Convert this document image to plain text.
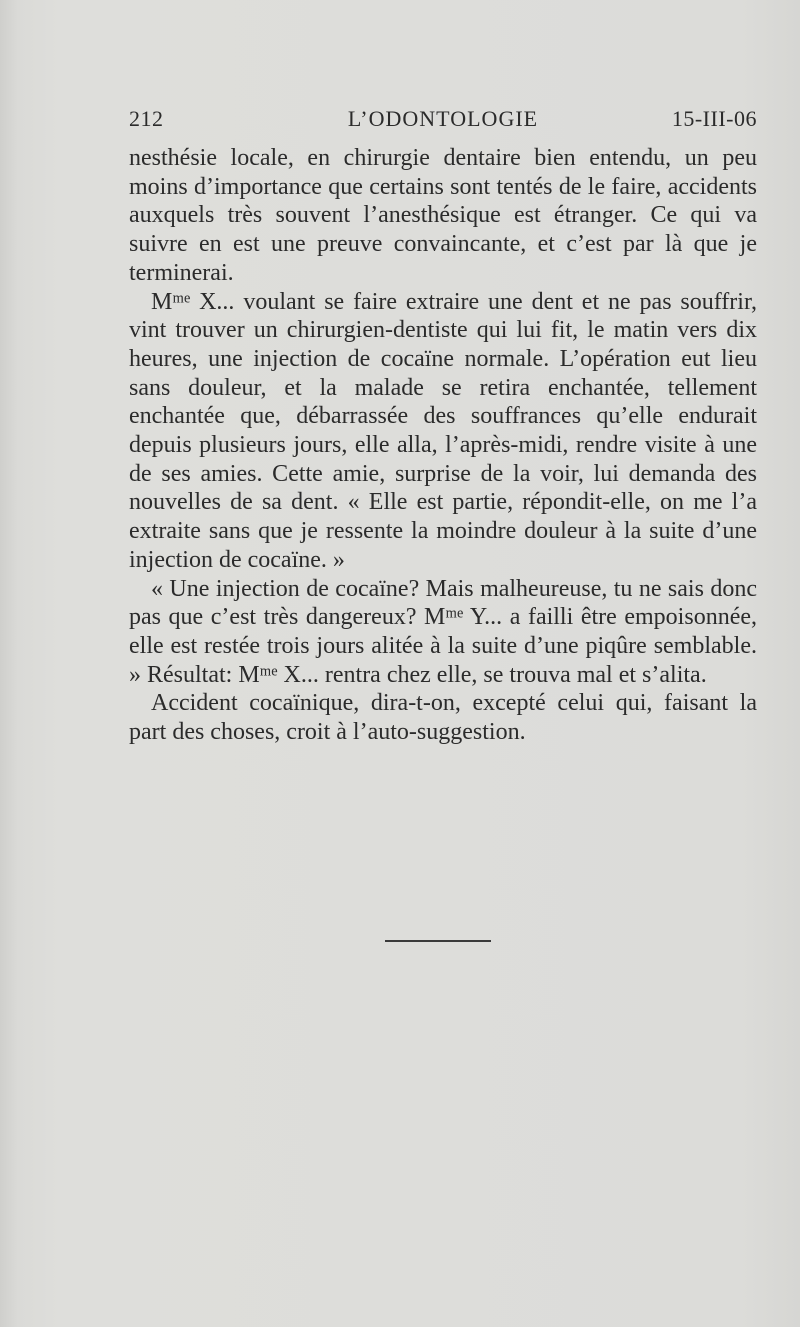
212	L’ODONTOLOGIE	15-III-06

nesthésie locale, en chirurgie dentaire bien entendu, un peu moins d’importance que certains sont tentés de le faire, accidents auxquels très souvent l’anesthésique est étranger. Ce qui va suivre en est une preuve convaincante, et c’est par là que je terminerai.

Mᵐᵉ X... voulant se faire extraire une dent et ne pas souffrir, vint trouver un chirurgien-dentiste qui lui fit, le matin vers dix heures, une injection de cocaïne normale. L’opération eut lieu sans douleur, et la malade se retira enchantée, tellement enchantée que, débarrassée des souffrances qu’elle endurait depuis plusieurs jours, elle alla, l’après-midi, rendre visite à une de ses amies. Cette amie, surprise de la voir, lui demanda des nouvelles de sa dent. « Elle est partie, répondit-elle, on me l’a extraite sans que je ressente la moindre douleur à la suite d’une injection de cocaïne. »

« Une injection de cocaïne? Mais malheureuse, tu ne sais donc pas que c’est très dangereux? Mᵐᵉ Y... a failli être empoisonnée, elle est restée trois jours alitée à la suite d’une piqûre semblable. » Résultat: Mᵐᵉ X... rentra chez elle, se trouva mal et s’alita.

Accident cocaïnique, dira-t-on, excepté celui qui, faisant la part des choses, croit à l’auto-suggestion.
